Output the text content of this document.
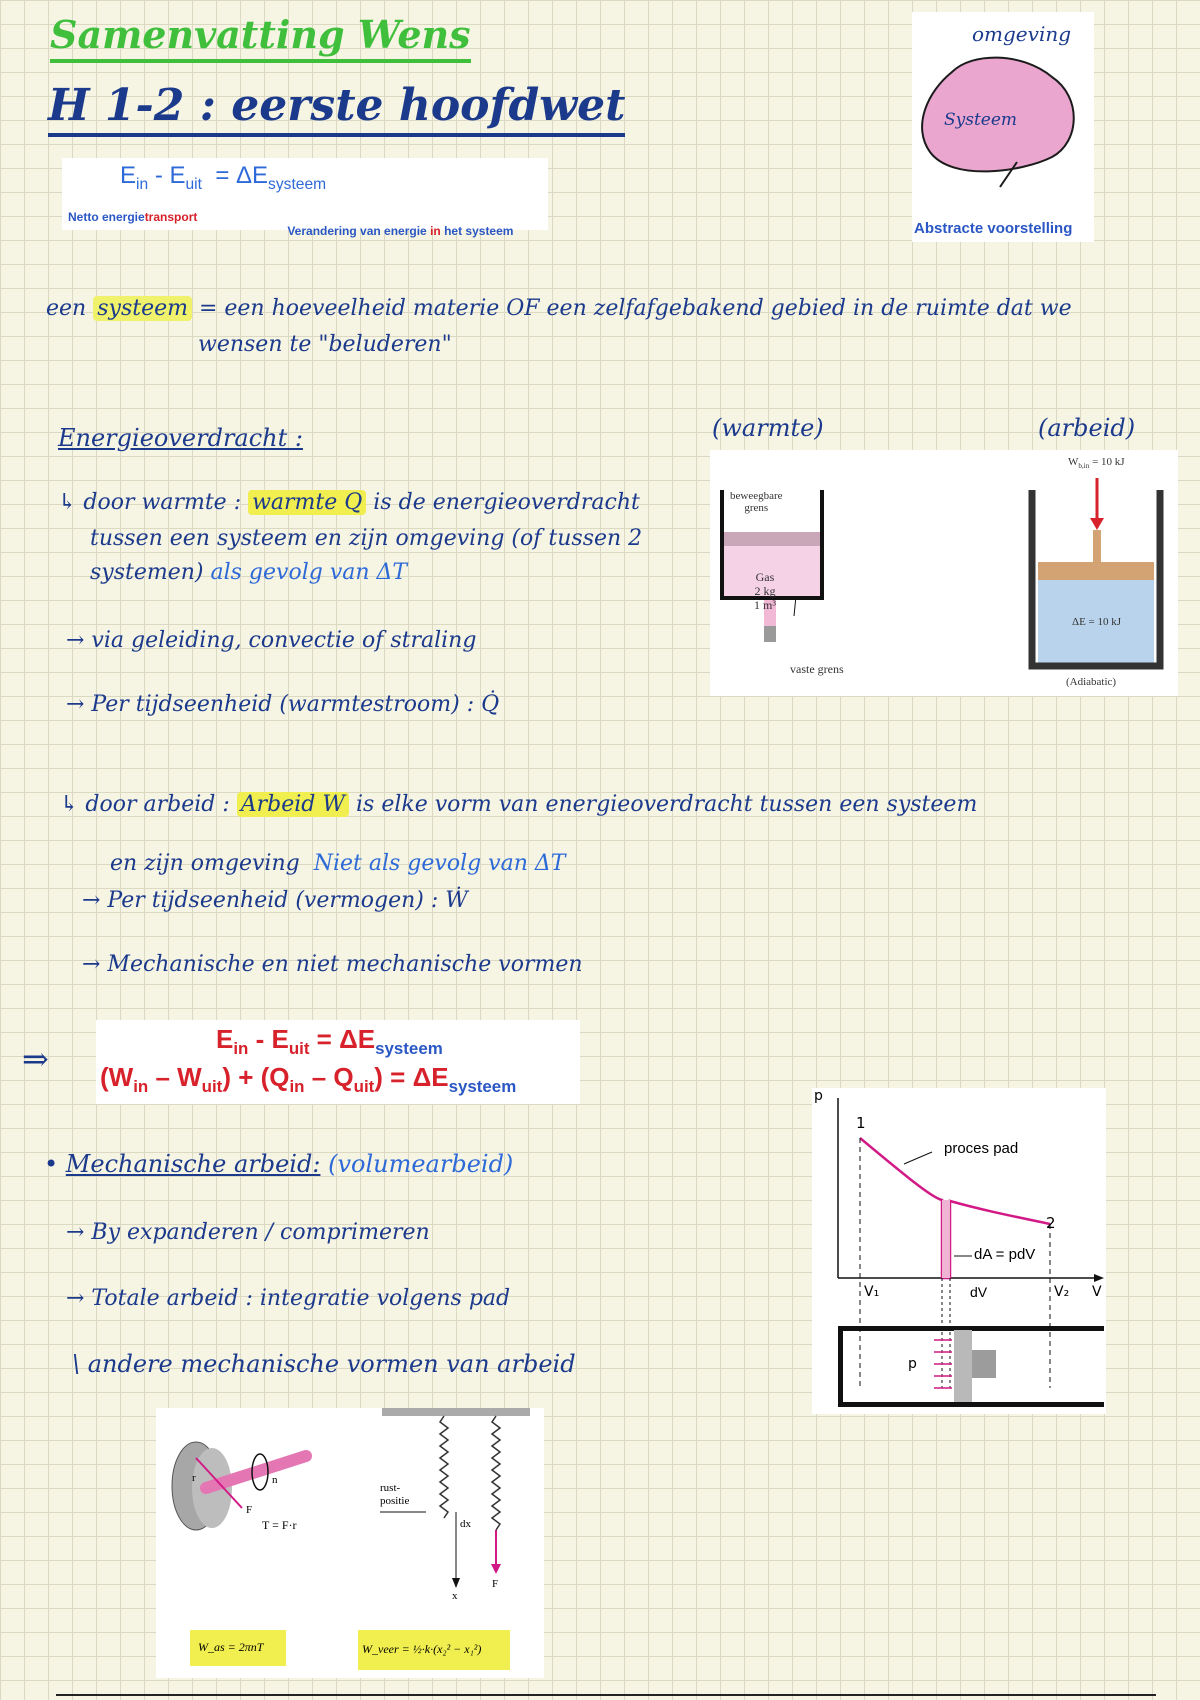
Samenvatting Wens
H 1-2 : eerste hoofdwet
$E_{in} - E_{uit} = \Delta E_{systeem}$
Netto energietransport

Verandering van energie in het systeem

omgeving
Systeem
Abstracte voorstelling
een systeem = een hoeveelheid materie OF een zelfafgebakend gebied in de ruimte dat we
wensen te "beluderen"
Energieoverdracht :	(warmte)	(arbeid)
↳ door warmte : warmte Q is de energieoverdracht
tussen een systeem en zijn omgeving (of tussen 2
systemen) als gevolg van ΔT
→ via geleiding, convectie of straling
→ Per tijdseenheid (warmtestroom) : Q̇
beweegbare
grens
Gas
2 kg
1 m³
vaste grens
$W_{b,in} = 10$ kJ
ΔE = 10 kJ
(Adiabatic)
↳ door arbeid : Arbeid W is elke vorm van energieoverdracht tussen een systeem

en zijn omgeving  Niet als gevolg van ΔT

→ Per tijdseenheid (vermogen) : Ẇ
→ Mechanische en niet mechanische vormen
⇒
$E_{in} - E_{uit} = \Delta E_{systeem}$
$(W_{in} - W_{uit}) + (Q_{in} - Q_{uit}) = \Delta E_{systeem}$
• Mechanische arbeid: (volumearbeid)
→ By expanderen / comprimeren
→ Totale arbeid : integratie volgens pad
\ andere mechanische vormen van arbeid
p
V
1
2
proces pad
dA = pdV
dV
V₁	V₂
p
n
F
r
T = F·r
W_as = 2πnT
rust-
positie
dx
x
F
W_veer = ½·k·(x₂² − x₁²)
